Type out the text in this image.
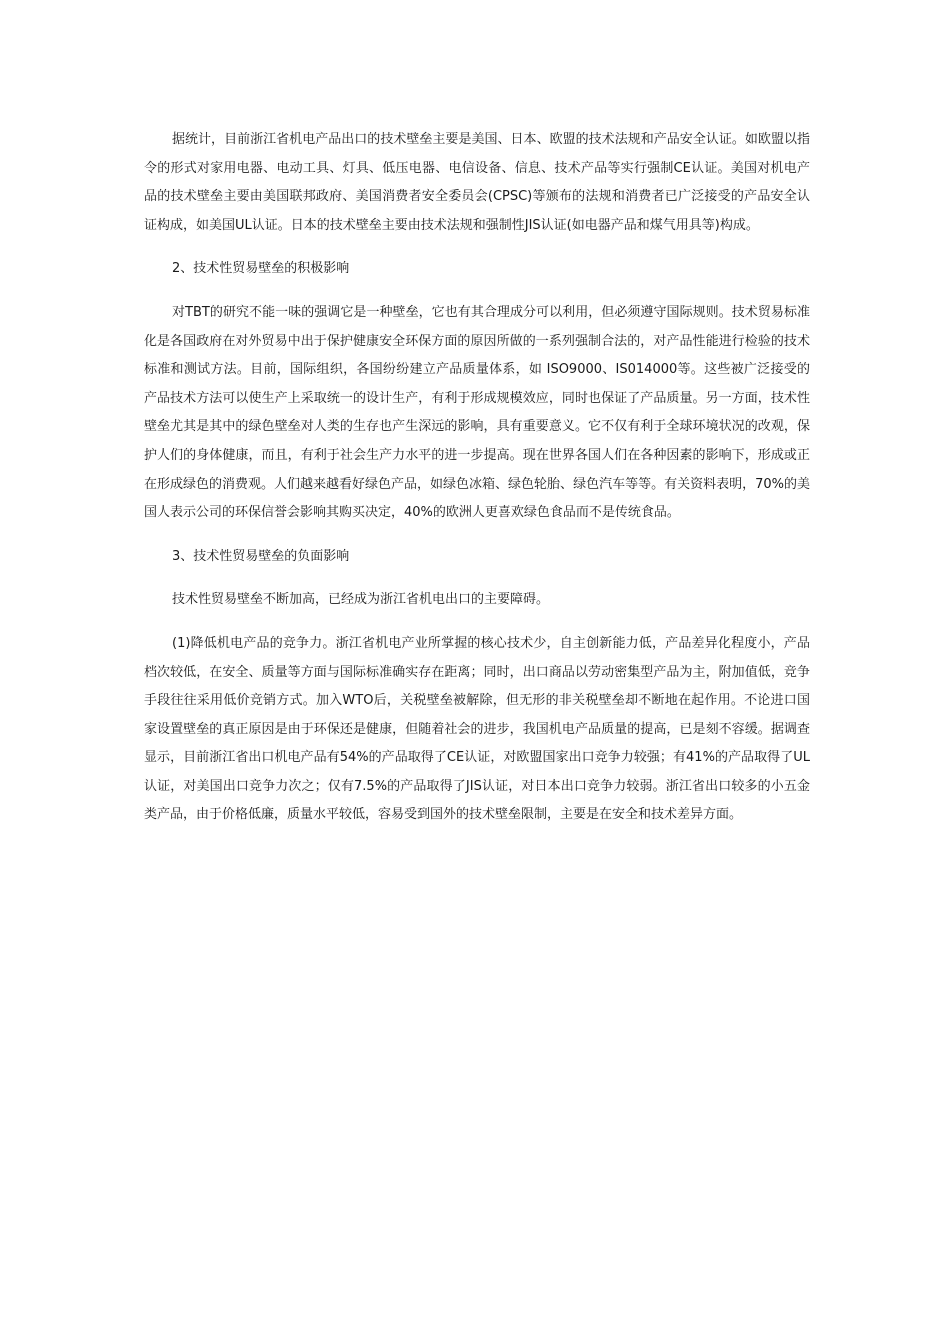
据统计，目前浙江省机电产品出口的技术壁垒主要是美国、日本、欧盟的技术法规和产品安全认证。如欧盟以指令的形式对家用电器、电动工具、灯具、低压电器、电信设备、信息、技术产品等实行强制CE认证。美国对机电产品的技术壁垒主要由美国联邦政府、美国消费者安全委员会(CPSC)等颁布的法规和消费者已广泛接受的产品安全认证构成，如美国UL认证。日本的技术壁垒主要由技术法规和强制性JIS认证(如电器产品和煤气用具等)构成。

2、技术性贸易壁垒的积极影响

对TBT的研究不能一味的强调它是一种壁垒，它也有其合理成分可以利用，但必须遵守国际规则。技术贸易标准化是各国政府在对外贸易中出于保护健康安全环保方面的原因所做的一系列强制合法的，对产品性能进行检验的技术标准和测试方法。目前，国际组织，各国纷纷建立产品质量体系，如 ISO9000、IS014000等。这些被广泛接受的产品技术方法可以使生产上采取统一的设计生产，有利于形成规模效应，同时也保证了产品质量。另一方面，技术性壁垒尤其是其中的绿色壁垒对人类的生存也产生深远的影响，具有重要意义。它不仅有利于全球环境状况的改观，保护人们的身体健康，而且，有利于社会生产力水平的进一步提高。现在世界各国人们在各种因素的影响下，形成或正在形成绿色的消费观。人们越来越看好绿色产品，如绿色冰箱、绿色轮胎、绿色汽车等等。有关资料表明，70%的美国人表示公司的环保信誉会影响其购买决定，40%的欧洲人更喜欢绿色食品而不是传统食品。

3、技术性贸易壁垒的负面影响

技术性贸易壁垒不断加高，已经成为浙江省机电出口的主要障碍。

(1)降低机电产品的竞争力。浙江省机电产业所掌握的核心技术少，自主创新能力低，产品差异化程度小，产品档次较低，在安全、质量等方面与国际标准确实存在距离；同时，出口商品以劳动密集型产品为主，附加值低，竞争手段往往采用低价竞销方式。加入WTO后，关税壁垒被解除，但无形的非关税壁垒却不断地在起作用。不论进口国家设置壁垒的真正原因是由于环保还是健康，但随着社会的进步，我国机电产品质量的提高，已是刻不容缓。据调查显示，目前浙江省出口机电产品有54%的产品取得了CE认证，对欧盟国家出口竞争力较强；有41%的产品取得了UL认证，对美国出口竞争力次之；仅有7.5%的产品取得了JIS认证，对日本出口竞争力较弱。浙江省出口较多的小五金类产品，由于价格低廉，质量水平较低，容易受到国外的技术壁垒限制，主要是在安全和技术差异方面。
